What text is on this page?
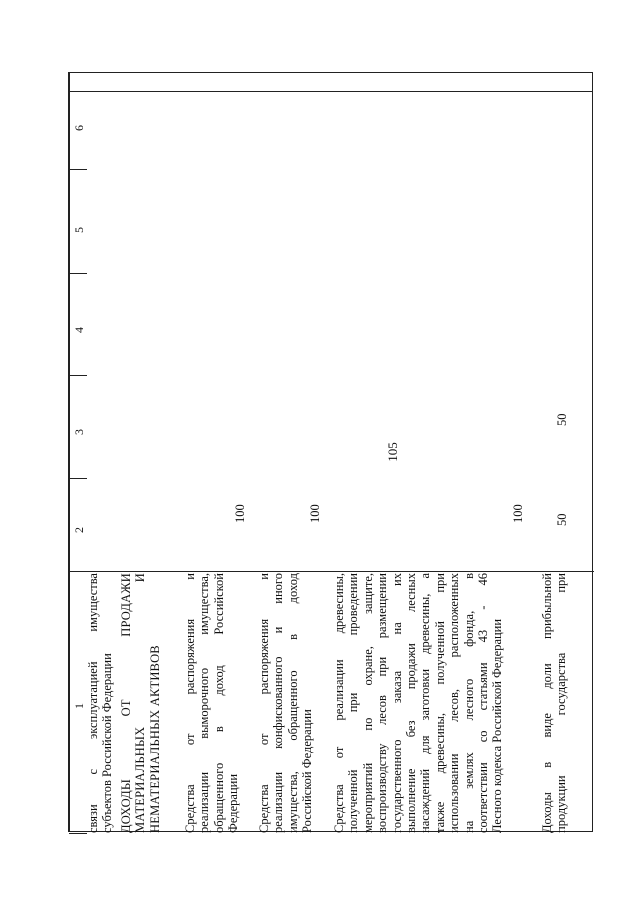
105
6
5
4
3
2
1 связи с эксплуатацией имущества субъектов Российской Федерации ДОХОДЫ ОТ ПРОДАЖИ МАТЕРИАЛЬНЫХ И НЕМАТЕРИАЛЬНЫХ АКТИВОВ Средства от распоряжения и реализации выморочного имущества, обращенного в доход Российской Федерации
100
Средства от распоряжения и реализации конфискованного и иного имущества, обращенного в доход Российской Федерации
100
Средства от реализации древесины, полученной при проведении мероприятий по охране, защите, воспроизводству лесов при размещении государственного заказа на их выполнение без продажи лесных насаждений для заготовки древесины, а также древесины, полученной при использовании лесов, расположенных на землях лесного фонда, в соответствии со статьями 43 - 46 Лесного кодекса Российской Федерации
100
Доходы в виде доли прибыльной продукции государства при
50
50
